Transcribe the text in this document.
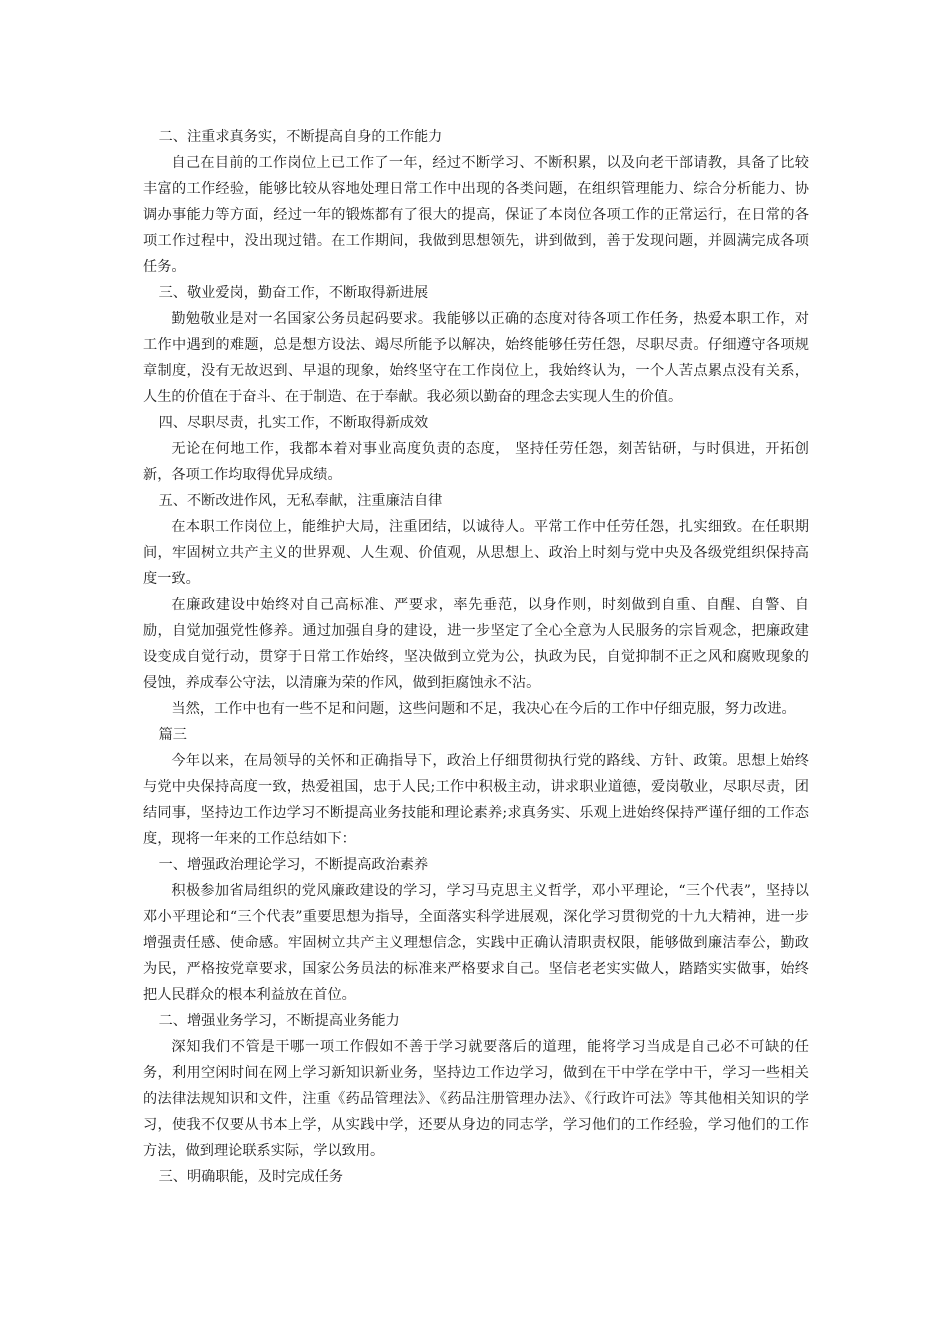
二、注重求真务实，不断提高自身的工作能力

自己在目前的工作岗位上已工作了一年，经过不断学习、不断积累，以及向老干部请教，具备了比较丰富的工作经验，能够比较从容地处理日常工作中出现的各类问题，在组织管理能力、综合分析能力、协调办事能力等方面，经过一年的锻炼都有了很大的提高，保证了本岗位各项工作的正常运行，在日常的各项工作过程中，没出现过错。在工作期间，我做到思想领先，讲到做到，善于发现问题，并圆满完成各项任务。

三、敬业爱岗，勤奋工作，不断取得新进展

勤勉敬业是对一名国家公务员起码要求。我能够以正确的态度对待各项工作任务，热爱本职工作，对工作中遇到的难题，总是想方设法、竭尽所能予以解决，始终能够任劳任怨，尽职尽责。仔细遵守各项规章制度，没有无故迟到、早退的现象，始终坚守在工作岗位上，我始终认为，一个人苦点累点没有关系，人生的价值在于奋斗、在于制造、在于奉献。我必须以勤奋的理念去实现人生的价值。

四、尽职尽责，扎实工作，不断取得新成效

无论在何地工作，我都本着对事业高度负责的态度， 坚持任劳任怨，刻苦钻研，与时俱进，开拓创新，各项工作均取得优异成绩。

五、不断改进作风，无私奉献，注重廉洁自律

在本职工作岗位上，能维护大局，注重团结，以诚待人。平常工作中任劳任怨，扎实细致。在任职期间，牢固树立共产主义的世界观、人生观、价值观，从思想上、政治上时刻与党中央及各级党组织保持高度一致。

在廉政建设中始终对自己高标准、严要求，率先垂范，以身作则，时刻做到自重、自醒、自警、自励，自觉加强党性修养。通过加强自身的建设，进一步坚定了全心全意为人民服务的宗旨观念，把廉政建设变成自觉行动，贯穿于日常工作始终，坚决做到立党为公，执政为民，自觉抑制不正之风和腐败现象的侵蚀，养成奉公守法，以清廉为荣的作风，做到拒腐蚀永不沾。

当然，工作中也有一些不足和问题，这些问题和不足，我决心在今后的工作中仔细克服，努力改进。

篇三

今年以来，在局领导的关怀和正确指导下，政治上仔细贯彻执行党的路线、方针、政策。思想上始终与党中央保持高度一致，热爱祖国，忠于人民;工作中积极主动，讲求职业道德，爱岗敬业，尽职尽责，团结同事，坚持边工作边学习不断提高业务技能和理论素养;求真务实、乐观上进始终保持严谨仔细的工作态度，现将一年来的工作总结如下：

一、增强政治理论学习，不断提高政治素养

积极参加省局组织的党风廉政建设的学习，学习马克思主义哲学，邓小平理论，“三个代表”，坚持以邓小平理论和“三个代表”重要思想为指导，全面落实科学进展观，深化学习贯彻党的十九大精神，进一步增强责任感、使命感。牢固树立共产主义理想信念，实践中正确认清职责权限，能够做到廉洁奉公，勤政为民，严格按党章要求，国家公务员法的标准来严格要求自己。坚信老老实实做人，踏踏实实做事，始终把人民群众的根本利益放在首位。

二、增强业务学习，不断提高业务能力

深知我们不管是干哪一项工作假如不善于学习就要落后的道理，能将学习当成是自己必不可缺的任务，利用空闲时间在网上学习新知识新业务，坚持边工作边学习，做到在干中学在学中干，学习一些相关的法律法规知识和文件，注重《药品管理法》、《药品注册管理办法》、《行政许可法》等其他相关知识的学习，使我不仅要从书本上学，从实践中学，还要从身边的同志学，学习他们的工作经验，学习他们的工作方法，做到理论联系实际，学以致用。

三、明确职能，及时完成任务
